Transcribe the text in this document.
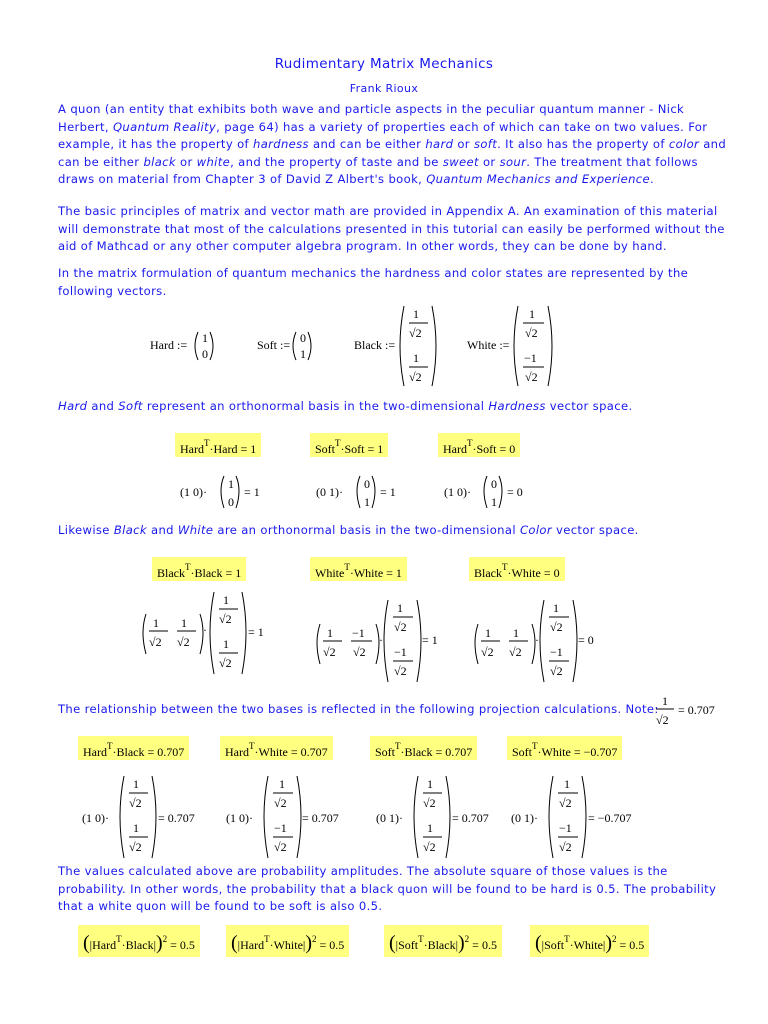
Rudimentary Matrix Mechanics
Frank Rioux

A quon (an entity that exhibits both wave and particle aspects in the peculiar quantum manner - Nick Herbert, Quantum Reality, page 64) has a variety of properties each of which can take on two values. For example, it has the property of hardness and can be either hard or soft. It also has the property of color and can be either black or white, and the property of taste and be sweet or sour. The treatment that follows draws on material from Chapter 3 of David Z Albert's book, Quantum Mechanics and Experience.

The basic principles of matrix and vector math are provided in Appendix A. An examination of this material will demonstrate that most of the calculations presented in this tutorial can easily be performed without the aid of Mathcad or any other computer algebra program. In other words, they can be done by hand.

In the matrix formulation of quantum mechanics the hardness and color states are represented by the following vectors.

Hard := 1
0
Soft := 0
1
Black :=
1
√2
1
√2
White :=
1
√2
−1
√2

Hard and Soft represent an orthonormal basis in the two-dimensional Hardness vector space.

Hard$^T$·Hard = 1	Soft$^T$·Soft = 1	Hard$^T$·Soft = 0
(1 0)·
1
0
= 1	(0 1)·
0
1
= 1	(1 0)·
0
1
= 0

Likewise Black and White are an orthonormal basis in the two-dimensional Color vector space.

Black$^T$·Black = 1	White$^T$·White = 1	Black$^T$·White = 0
1
√2
1
√2
·
1
√2
1
√2
= 1	1
√2
−1
√2
·
1
√2
−1
√2
= 1	1
√2
1
√2
·
1
√2
−1
√2
= 0
The relationship between the two bases is reflected in the following projection calculations. Note:
1
√2
= 0.707
Hard$^T$·Black = 0.707	Hard$^T$·White = 0.707	Soft$^T$·Black = 0.707	Soft$^T$·White = −0.707
(1 0)·
1
√2
1
√2
= 0.707	(1 0)·
1
√2
−1
√2
= 0.707	(0 1)·
1
√2
1
√2
= 0.707 (0 1)·
1
√2
−1
√2
= −0.707

The values calculated above are probability amplitudes. The absolute square of those values is the probability. In other words, the probability that a black quon will be found to be hard is 0.5. The probability that a white quon will be found to be soft is also 0.5.

(|Hard$^T$·Black|)$^2$ = 0.5 (|Hard$^T$·White|)$^2$ = 0.5 (|Soft$^T$·Black|)$^2$ = 0.5 (|Soft$^T$·White|)$^2$ = 0.5
